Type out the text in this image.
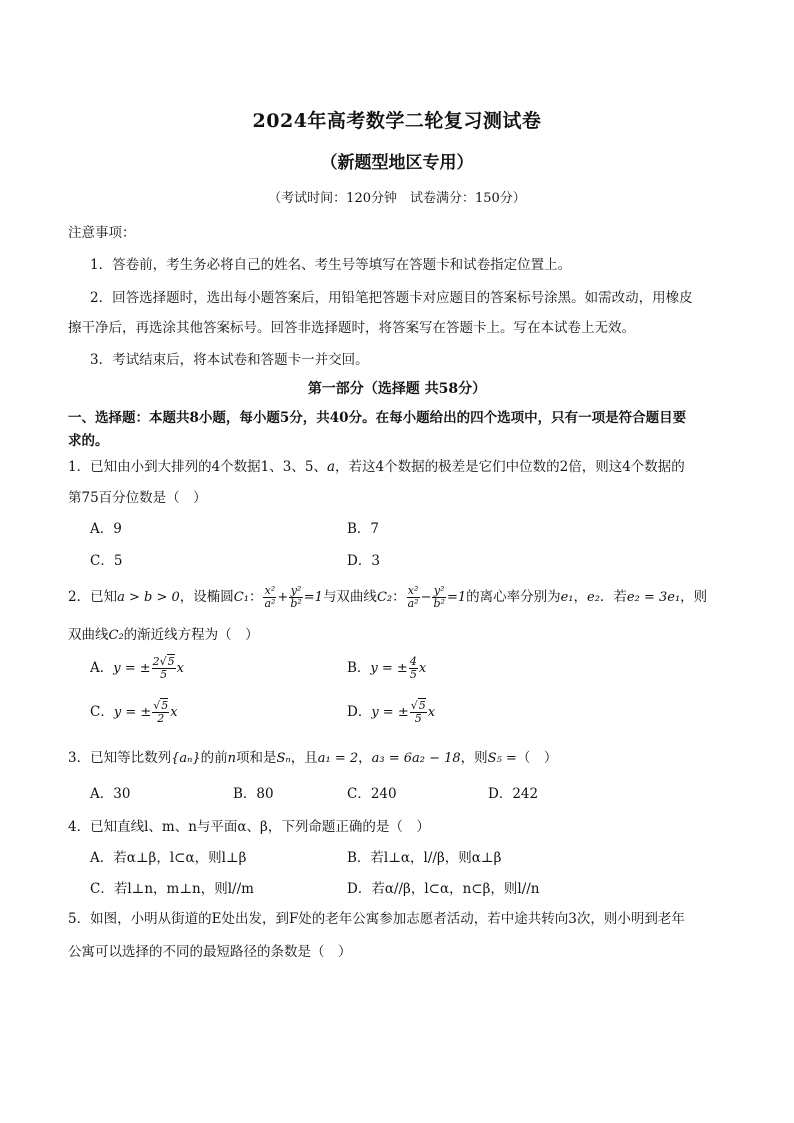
2024年高考数学二轮复习测试卷
（新题型地区专用）
（考试时间：120分钟　试卷满分：150分）
注意事项：
1．答卷前，考生务必将自己的姓名、考生号等填写在答题卡和试卷指定位置上。
2．回答选择题时，选出每小题答案后，用铅笔把答题卡对应题目的答案标号涂黑。如需改动，用橡皮
擦干净后，再选涂其他答案标号。回答非选择题时，将答案写在答题卡上。写在本试卷上无效。
3．考试结束后，将本试卷和答题卡一并交回。
第一部分（选择题 共58分）
一、选择题：本题共8小题，每小题5分，共40分。在每小题给出的四个选项中，只有一项是符合题目要
求的。
1．已知由小到大排列的4个数据1、3、5、a，若这4个数据的极差是它们中位数的2倍，则这4个数据的
第75百分位数是（　）
A．9	B．7
C．5	D．3
2．已知a > b > 0，设椭圆C₁： $\frac{\text{x²}}{\text{a²}} + \frac{\text{y²}}{\text{b²}} =1$与双曲线C₂： $\frac{\text{x²}}{\text{a²}} - \frac{\text{y²}}{\text{b²}} =1$的离心率分别为e₁，e₂．若e₂ = 3e₁，则
双曲线C₂的渐近线方程为（　）
A．y = ± $\frac{2√5}{5}$ x	B．y = ± $\frac{4}{5}$ x
C．y = ± $\frac{√5}{2}$ x	D．y = ± $\frac{√5}{5}$ x
3．已知等比数列{aₙ}的前n项和是Sₙ，且a₁ = 2，a₃ = 6a₂ − 18，则S₅ =（　）
A．30	B．80	C．240	D．242
4．已知直线l、m、n与平面α、β，下列命题正确的是（　）
A．若α⊥β，l⊂α，则l⊥β	B．若l⊥α，l//β，则α⊥β
C．若l⊥n，m⊥n，则l//m	D．若α//β，l⊂α，n⊂β，则l//n
5．如图，小明从街道的E处出发，到F处的老年公寓参加志愿者活动，若中途共转向3次，则小明到老年
公寓可以选择的不同的最短路径的条数是（　）
